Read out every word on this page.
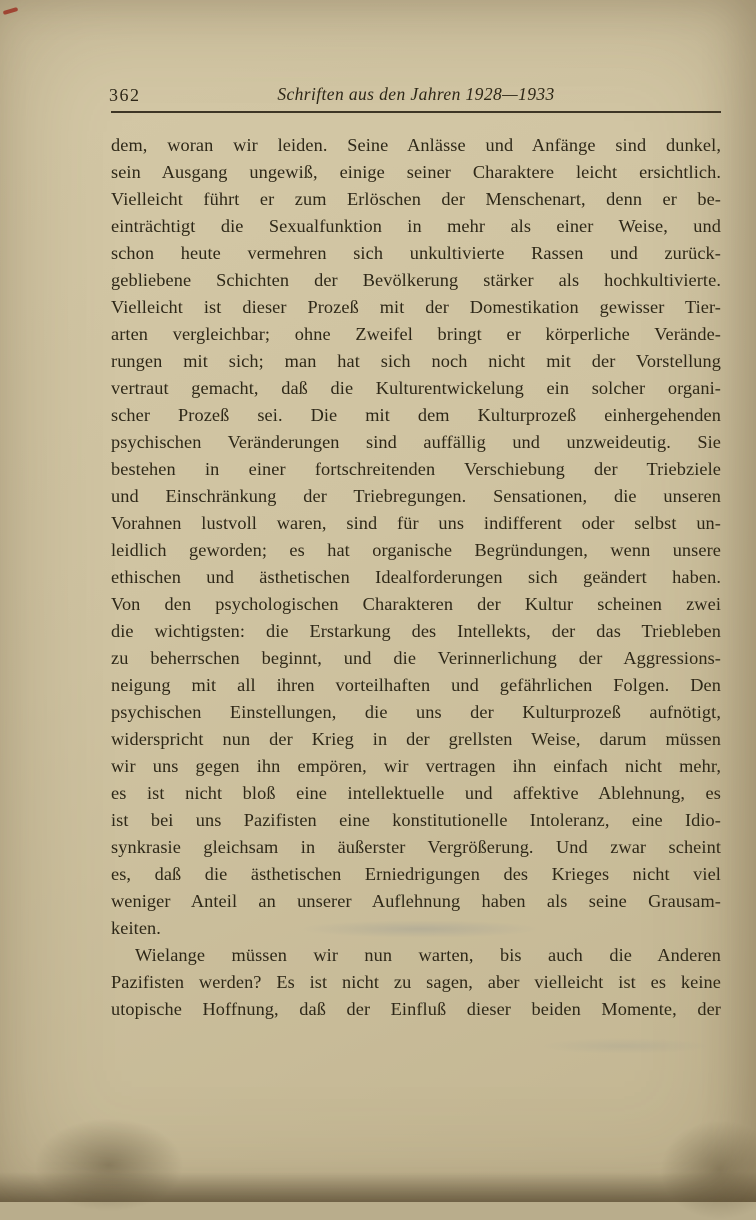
362	Schriften aus den Jahren 1928—1933
dem, woran wir leiden. Seine Anlässe und Anfänge sind dunkel,
sein Ausgang ungewiß, einige seiner Charaktere leicht ersichtlich.
Vielleicht führt er zum Erlöschen der Menschenart, denn er be-
einträchtigt die Sexualfunktion in mehr als einer Weise, und
schon heute vermehren sich unkultivierte Rassen und zurück-
gebliebene Schichten der Bevölkerung stärker als hochkultivierte.
Vielleicht ist dieser Prozeß mit der Domestikation gewisser Tier-
arten vergleichbar; ohne Zweifel bringt er körperliche Verände-
rungen mit sich; man hat sich noch nicht mit der Vorstellung
vertraut gemacht, daß die Kulturentwickelung ein solcher organi-
scher Prozeß sei. Die mit dem Kulturprozeß einhergehenden
psychischen Veränderungen sind auffällig und unzweideutig. Sie
bestehen in einer fortschreitenden Verschiebung der Triebziele
und Einschränkung der Triebregungen. Sensationen, die unseren
Vorahnen lustvoll waren, sind für uns indifferent oder selbst un-
leidlich geworden; es hat organische Begründungen, wenn unsere
ethischen und ästhetischen Idealforderungen sich geändert haben.
Von den psychologischen Charakteren der Kultur scheinen zwei
die wichtigsten: die Erstarkung des Intellekts, der das Triebleben
zu beherrschen beginnt, und die Verinnerlichung der Aggressions-
neigung mit all ihren vorteilhaften und gefährlichen Folgen. Den
psychischen Einstellungen, die uns der Kulturprozeß aufnötigt,
widerspricht nun der Krieg in der grellsten Weise, darum müssen
wir uns gegen ihn empören, wir vertragen ihn einfach nicht mehr,
es ist nicht bloß eine intellektuelle und affektive Ablehnung, es
ist bei uns Pazifisten eine konstitutionelle Intoleranz, eine Idio-
synkrasie gleichsam in äußerster Vergrößerung. Und zwar scheint
es, daß die ästhetischen Erniedrigungen des Krieges nicht viel
weniger Anteil an unserer Auflehnung haben als seine Grausam-
keiten.
Wielange müssen wir nun warten, bis auch die Anderen
Pazifisten werden? Es ist nicht zu sagen, aber vielleicht ist es keine
utopische Hoffnung, daß der Einfluß dieser beiden Momente, der
